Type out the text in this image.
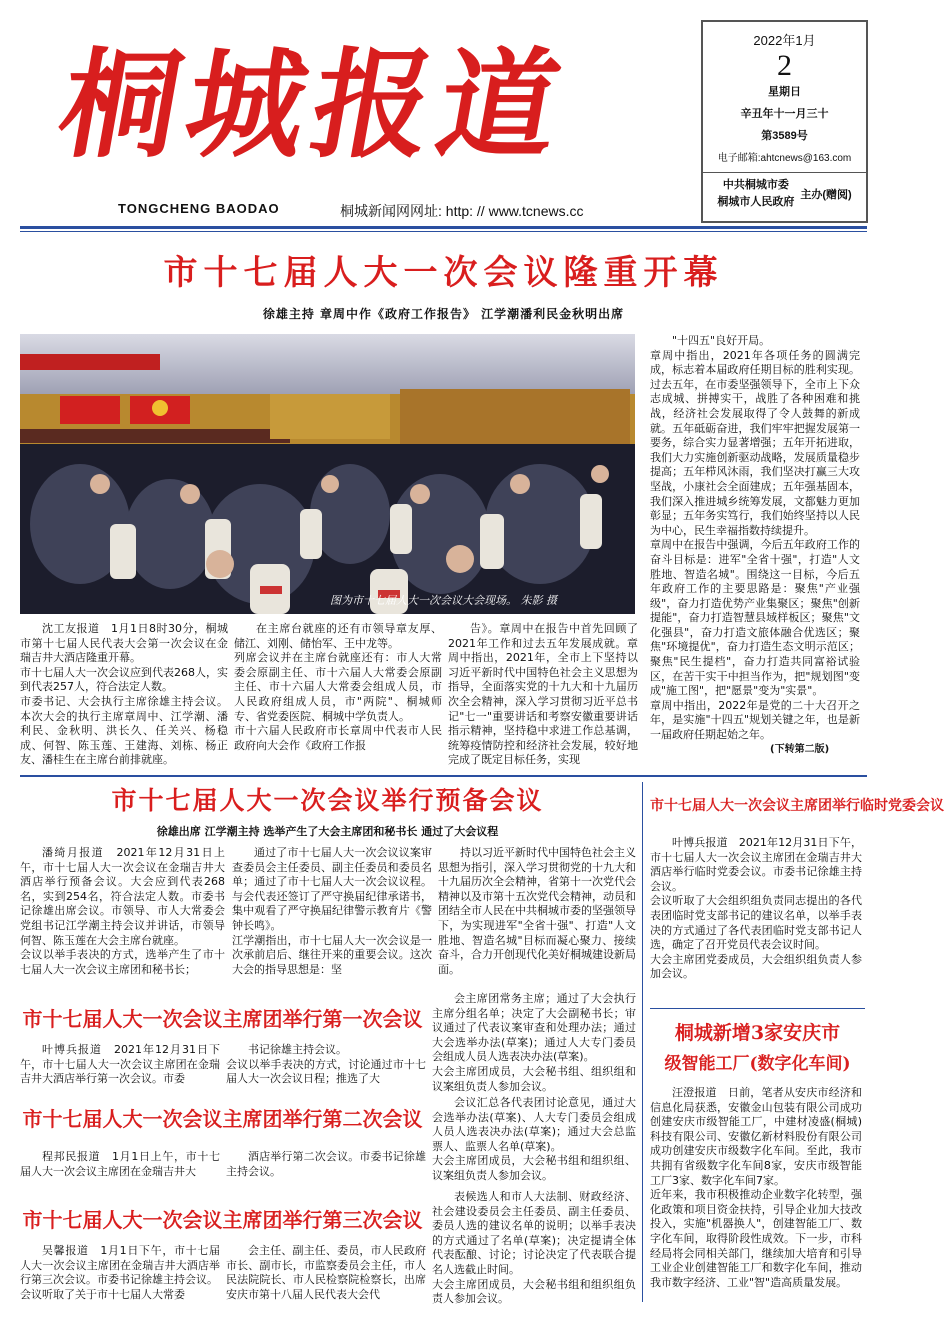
桐城报道
TONGCHENG BAODAO	桐城新闻网网址: http: // www.tcnews.cc
2022年1月
2
星期日
辛丑年十一月三十
第3589号
电子邮箱:ahtcnews@163.com
中共桐城市委
桐城市人民政府
主办(赠阅)
市十七届人大一次会议隆重开幕
徐雄主持 章周中作《政府工作报告》 江学潮潘利民金秋明出席
图为市十七届人大一次会议大会现场。 朱影 摄

沈工友报道　1月1日8时30分，桐城市第十七届人民代表大会第一次会议在金瑞吉井大酒店隆重开幕。
市十七届人大一次会议应到代表268人，实到代表257人，符合法定人数。
市委书记、大会执行主席徐雄主持会议。本次大会的执行主席章周中、江学潮、潘利民、金秋明、洪长久、任关兴、杨稳成、何智、陈玉莲、王建海、刘栋、杨正友、潘桂生在主席台前排就座。

在主席台就座的还有市领导章友厚、储江、刘刚、储怡军、王中龙等。
列席会议并在主席台就座还有：市人大常委会原副主任、市十六届人大常委会原副主任、市十六届人大常委会组成人员，市人民政府组成人员，市"两院"、桐城师专、省党委医院、桐城中学负责人。
市十六届人民政府市长章周中代表市人民政府向大会作《政府工作报

告》。章周中在报告中首先回顾了2021年工作和过去五年发展成就。章周中指出，2021年，全市上下坚持以习近平新时代中国特色社会主义思想为指导，全面落实党的十九大和十九届历次全会精神，深入学习贯彻习近平总书记"七一"重要讲话和考察安徽重要讲话指示精神，坚持稳中求进工作总基调，统筹疫情防控和经济社会发展，较好地完成了既定目标任务，实现

"十四五"良好开局。
章周中指出，2021年各项任务的圆满完成，标志着本届政府任期目标的胜利实现。过去五年，在市委坚强领导下，全市上下众志成城、拼搏实干，战胜了各种困难和挑战，经济社会发展取得了令人鼓舞的新成就。五年砥砺奋进，我们牢牢把握发展第一要务，综合实力显著增强；五年开拓进取，我们大力实施创新驱动战略，发展质量稳步提高；五年栉风沐雨，我们坚决打赢三大攻坚战，小康社会全面建成；五年强基固本，我们深入推进城乡统筹发展，文都魅力更加彰显；五年务实笃行，我们始终坚持以人民为中心，民生幸福指数持续提升。
章周中在报告中强调，今后五年政府工作的奋斗目标是：进军"全省十强"，打造"人文胜地、智造名城"。围绕这一目标，今后五年政府工作的主要思路是：聚焦"产业强级"，奋力打造优势产业集聚区；聚焦"创新提能"，奋力打造智慧县域样板区；聚焦"文化强县"，奋力打造文旅体融合优选区；聚焦"环境提优"，奋力打造生态文明示范区；聚焦"民生提档"，奋力打造共同富裕试验区，在苦干实干中担当作为，把"规划图"变成"施工图"，把"愿景"变为"实景"。
章周中指出，2022年是党的二十大召开之年，是实施"十四五"规划关键之年，也是新一届政府任期起始之年。

(下转第二版)
市十七届人大一次会议举行预备会议
徐雄出席 江学潮主持 选举产生了大会主席团和秘书长 通过了大会议程

潘绮月报道　2021年12月31日上午，市十七届人大一次会议在金瑞吉井大酒店举行预备会议。大会应到代表268名，实到254名，符合法定人数。市委书记徐雄出席会议。市领导、市人大常委会党组书记江学潮主持会议并讲话，市领导何智、陈玉莲在大会主席台就座。
会议以举手表决的方式，选举产生了市十七届人大一次会议主席团和秘书长；

通过了市十七届人大一次会议议案审查委员会主任委员、副主任委员和委员名单；通过了市十七届人大一次会议议程。与会代表还签订了严守换届纪律承诺书，集中观看了严守换届纪律警示教育片《警钟长鸣》。
江学潮指出，市十七届人大一次会议是一次承前启后、继往开来的重要会议。这次大会的指导思想是：坚

持以习近平新时代中国特色社会主义思想为指引，深入学习贯彻党的十九大和十九届历次全会精神，省第十一次党代会精神以及市第十五次党代会精神，动员和团结全市人民在中共桐城市委的坚强领导下，为实现进军"全省十强"、打造"人文胜地、智造名城"目标而凝心聚力、接续奋斗，合力开创现代化美好桐城建设新局面。

市十七届人大一次会议主席团举行第一次会议

叶博兵报道　2021年12月31日下午，市十七届人大一次会议主席团在金瑞吉井大酒店举行第一次会议。市委

书记徐雄主持会议。
会议以举手表决的方式，讨论通过市十七届人大一次会议日程；推选了大

会主席团常务主席；通过了大会执行主席分组名单；决定了大会副秘书长；审议通过了代表议案审查和处理办法；通过大会选举办法(草案)；通过人大专门委员会组成人员人选表决办法(草案)。
大会主席团成员，大会秘书组、组织组和议案组负责人参加会议。

市十七届人大一次会议主席团举行第二次会议

程邦民报道　1月1日上午，市十七届人大一次会议主席团在金瑞吉井大

酒店举行第二次会议。市委书记徐雄主持会议。

会议汇总各代表团讨论意见，通过大会选举办法(草案)、人大专门委员会组成人员人选表决办法(草案)；通过大会总监票人、监票人名单(草案)。
大会主席团成员，大会秘书组和组织组、议案组负责人参加会议。

市十七届人大一次会议主席团举行第三次会议

吴馨报道　1月1日下午，市十七届人大一次会议主席团在金瑞吉井大酒店举行第三次会议。市委书记徐雄主持会议。
会议听取了关于市十七届人大常委

会主任、副主任、委员，市人民政府市长、副市长，市监察委员会主任，市人民法院院长、市人民检察院检察长，出席安庆市第十八届人民代表大会代

表候选人和市人大法制、财政经济、社会建设委员会主任委员、副主任委员、委员人选的建议名单的说明；以举手表决的方式通过了名单(草案)；决定提请全体代表酝酿、讨论；讨论决定了代表联合提名人选截止时间。
大会主席团成员，大会秘书组和组织组负责人参加会议。

市十七届人大一次会议主席团举行临时党委会议

叶博兵报道　2021年12月31日下午，市十七届人大一次会议主席团在金瑞吉井大酒店举行临时党委会议。市委书记徐雄主持会议。
会议听取了大会组织组负责同志提出的各代表团临时党支部书记的建议名单，以举手表决的方式通过了各代表团临时党支部书记人选，确定了召开党员代表会议时间。
大会主席团党委成员，大会组织组负责人参加会议。

桐城新增3家安庆市
级智能工厂(数字化车间)

汪澄报道　日前，笔者从安庆市经济和信息化局获悉，安徽金山包装有限公司成功创建安庆市级智能工厂，中建材凌盛(桐城)科技有限公司、安徽亿新材料股份有限公司成功创建安庆市级数字化车间。至此，我市共拥有省级数字化车间8家，安庆市级智能工厂3家、数字化车间7家。
近年来，我市积极推动企业数字化转型，强化政策和项目资金扶持，引导企业加大技改投入，实施"机器换人"，创建智能工厂、数字化车间，取得阶段性成效。下一步，市科经局将会同相关部门，继续加大培育和引导工业企业创建智能工厂和数字化车间，推动我市数字经济、工业"智"造高质量发展。
